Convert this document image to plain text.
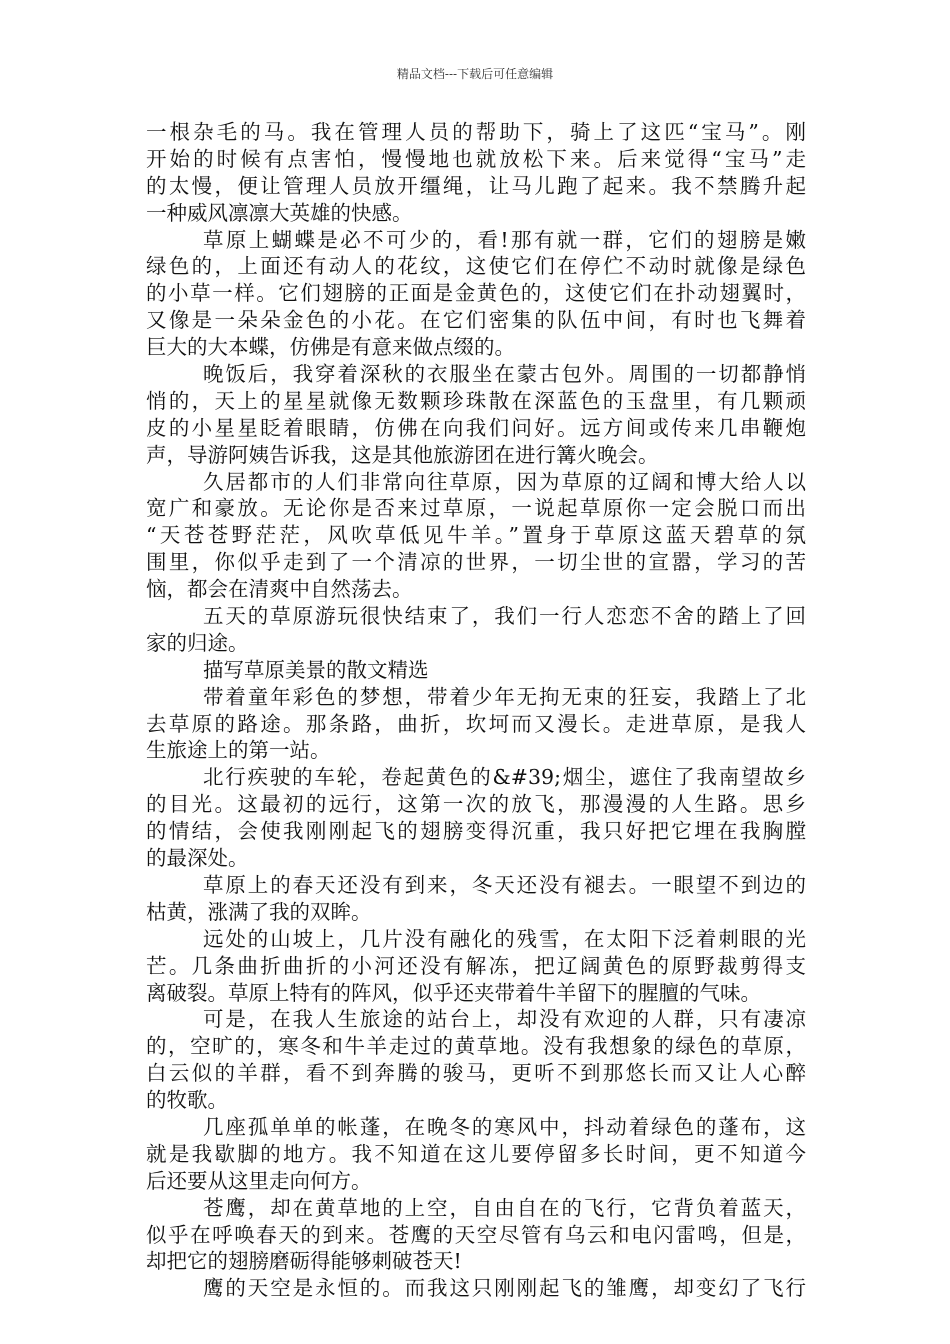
精品文档---下载后可任意编辑
一根杂毛的马。我在管理人员的帮助下，骑上了这匹“宝马”。刚
开始的时候有点害怕，慢慢地也就放松下来。后来觉得“宝马”走
的太慢，便让管理人员放开缰绳，让马儿跑了起来。我不禁腾升起
一种威风凛凛大英雄的快感。
草原上蝴蝶是必不可少的，看!那有就一群，它们的翅膀是嫩
绿色的，上面还有动人的花纹，这使它们在停伫不动时就像是绿色
的小草一样。它们翅膀的正面是金黄色的，这使它们在扑动翅翼时，
又像是一朵朵金色的小花。在它们密集的队伍中间，有时也飞舞着
巨大的大本蝶，仿佛是有意来做点缀的。
晚饭后，我穿着深秋的衣服坐在蒙古包外。周围的一切都静悄
悄的，天上的星星就像无数颗珍珠散在深蓝色的玉盘里，有几颗顽
皮的小星星眨着眼睛，仿佛在向我们问好。远方间或传来几串鞭炮
声，导游阿姨告诉我，这是其他旅游团在进行篝火晚会。
久居都市的人们非常向往草原，因为草原的辽阔和博大给人以
宽广和豪放。无论你是否来过草原，一说起草原你一定会脱口而出
“天苍苍野茫茫，风吹草低见牛羊。”置身于草原这蓝天碧草的氛
围里，你似乎走到了一个清凉的世界，一切尘世的宣嚣，学习的苦
恼，都会在清爽中自然荡去。
五天的草原游玩很快结束了，我们一行人恋恋不舍的踏上了回
家的归途。
描写草原美景的散文精选
带着童年彩色的梦想，带着少年无拘无束的狂妄，我踏上了北
去草原的路途。那条路，曲折，坎坷而又漫长。走进草原，是我人
生旅途上的第一站。
北行疾驶的车轮，卷起黄色的&#39;烟尘，遮住了我南望故乡
的目光。这最初的远行，这第一次的放飞，那漫漫的人生路。思乡
的情结，会使我刚刚起飞的翅膀变得沉重，我只好把它埋在我胸膛
的最深处。
草原上的春天还没有到来，冬天还没有褪去。一眼望不到边的
枯黄，涨满了我的双眸。
远处的山坡上，几片没有融化的残雪，在太阳下泛着刺眼的光
芒。几条曲折曲折的小河还没有解冻，把辽阔黄色的原野裁剪得支
离破裂。草原上特有的阵风，似乎还夹带着牛羊留下的腥膻的气味。
可是，在我人生旅途的站台上，却没有欢迎的人群，只有凄凉
的，空旷的，寒冬和牛羊走过的黄草地。没有我想象的绿色的草原，
白云似的羊群，看不到奔腾的骏马，更听不到那悠长而又让人心醉
的牧歌。
几座孤单单的帐蓬，在晚冬的寒风中，抖动着绿色的蓬布，这
就是我歇脚的地方。我不知道在这儿要停留多长时间，更不知道今
后还要从这里走向何方。
苍鹰，却在黄草地的上空，自由自在的飞行，它背负着蓝天，
似乎在呼唤春天的到来。苍鹰的天空尽管有乌云和电闪雷鸣，但是，
却把它的翅膀磨砺得能够刺破苍天!
鹰的天空是永恒的。而我这只刚刚起飞的雏鹰，却变幻了飞行
